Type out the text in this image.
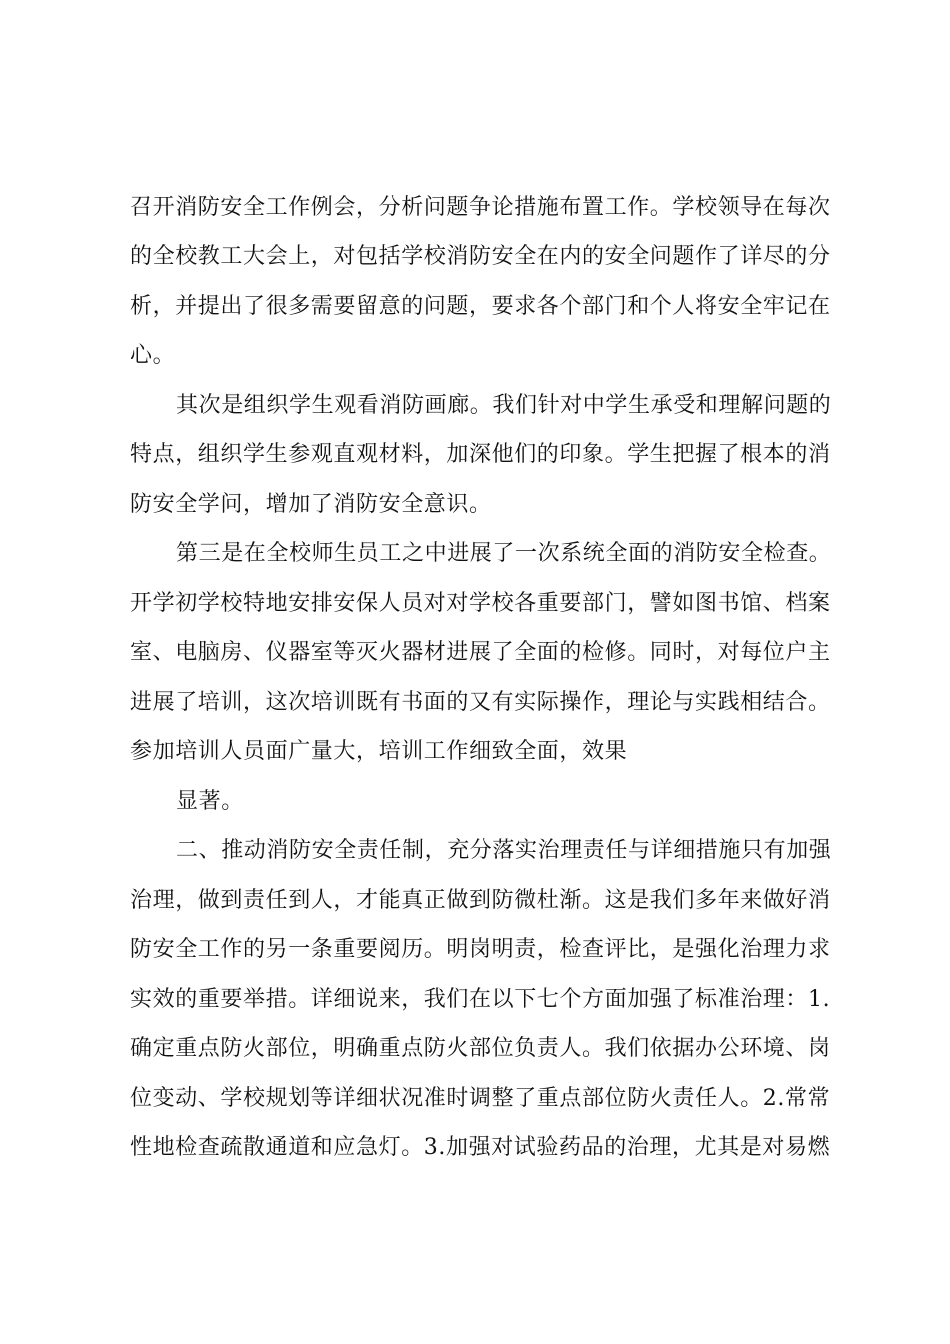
召开消防安全工作例会，分析问题争论措施布置工作。学校领导在每次
的全校教工大会上，对包括学校消防安全在内的安全问题作了详尽的分
析，并提出了很多需要留意的问题，要求各个部门和个人将安全牢记在
心。
其次是组织学生观看消防画廊。我们针对中学生承受和理解问题的
特点，组织学生参观直观材料，加深他们的印象。学生把握了根本的消
防安全学问，增加了消防安全意识。
第三是在全校师生员工之中进展了一次系统全面的消防安全检查。
开学初学校特地安排安保人员对对学校各重要部门，譬如图书馆、档案
室、电脑房、仪器室等灭火器材进展了全面的检修。同时，对每位户主
进展了培训，这次培训既有书面的又有实际操作，理论与实践相结合。
参加培训人员面广量大，培训工作细致全面，效果
显著。
二、推动消防安全责任制，充分落实治理责任与详细措施只有加强
治理，做到责任到人，才能真正做到防微杜渐。这是我们多年来做好消
防安全工作的另一条重要阅历。明岗明责，检查评比，是强化治理力求
实效的重要举措。详细说来，我们在以下七个方面加强了标准治理：1.
确定重点防火部位，明确重点防火部位负责人。我们依据办公环境、岗
位变动、学校规划等详细状况准时调整了重点部位防火责任人。2.常常
性地检查疏散通道和应急灯。3.加强对试验药品的治理，尤其是对易燃
